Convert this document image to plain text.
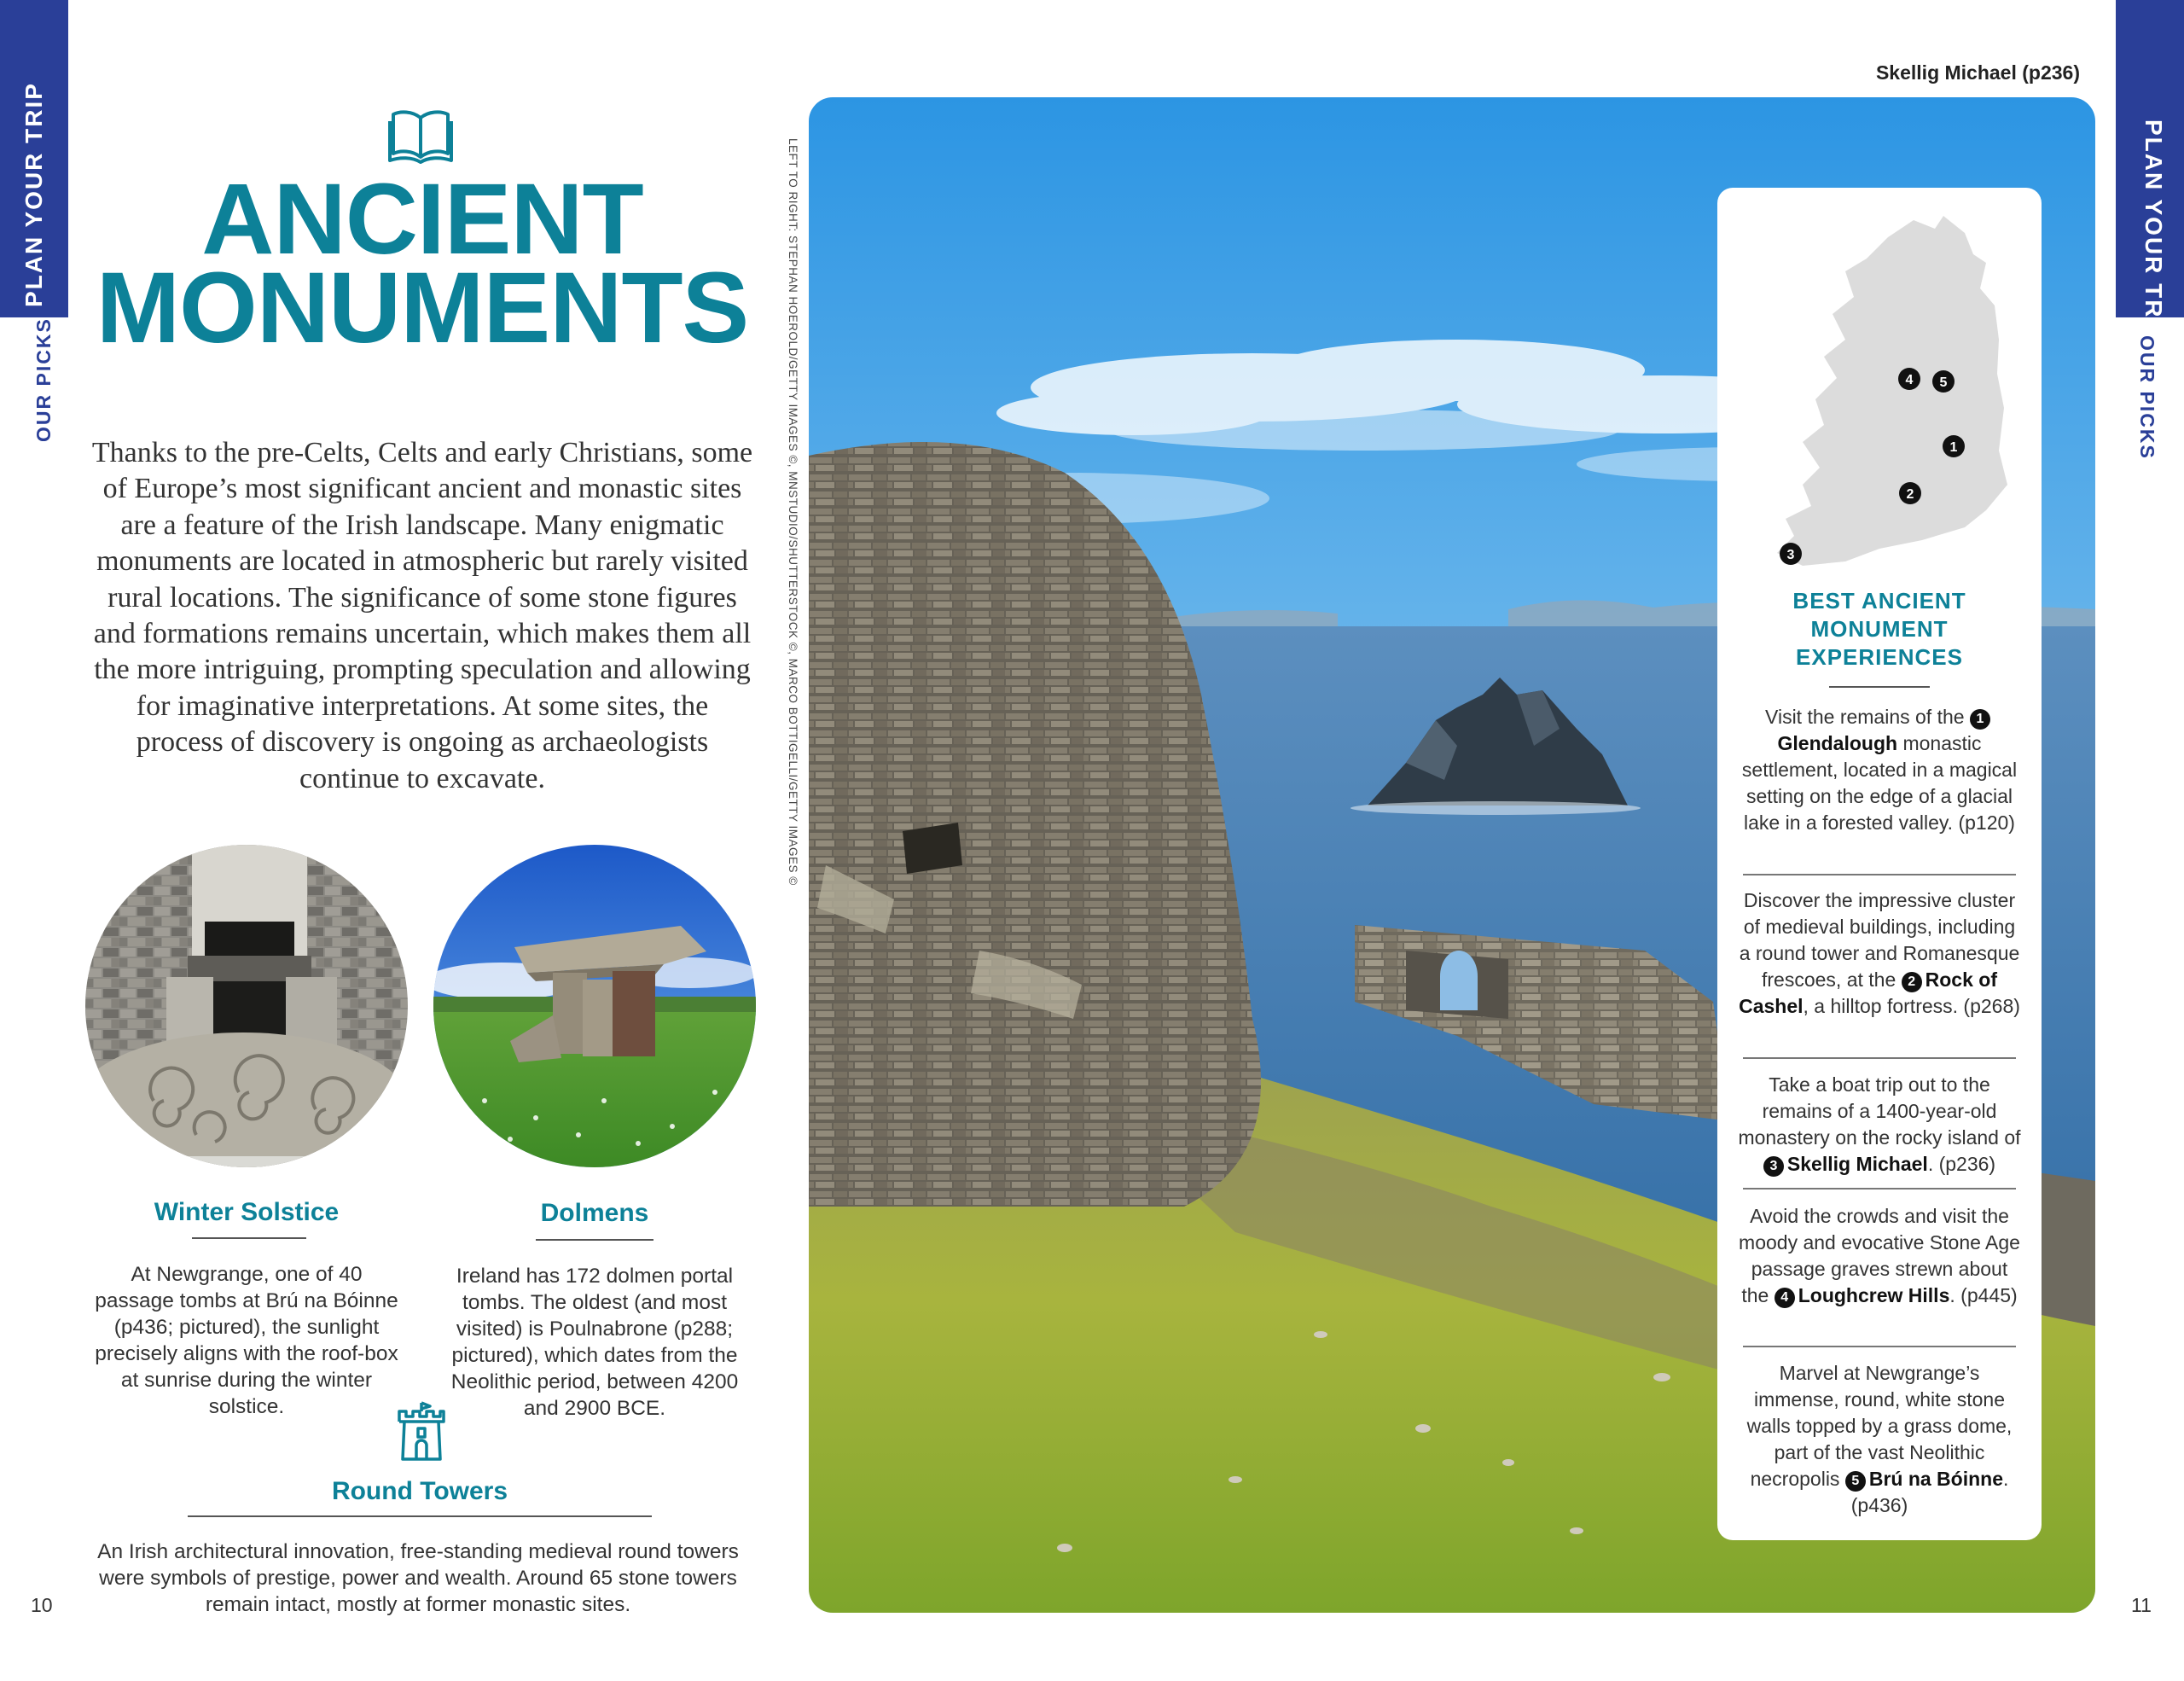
PLAN YOUR TRIP
OUR PICKS
PLAN YOUR TRIP
OUR PICKS
ANCIENT
MONUMENTS
Thanks to the pre-Celts, Celts and early Christians, some of Europe’s most significant ancient and monastic sites are a feature of the Irish landscape. Many enigmatic monuments are located in atmospheric but rarely visited rural locations. The significance of some stone figures and formations remains uncertain, which makes them all the more intriguing, prompting speculation and allowing for imaginative interpretations. At some sites, the process of discovery is ongoing as archaeologists continue to excavate.
Winter Solstice
At Newgrange, one of 40 passage tombs at Brú na Bóinne (p436; pictured), the sunlight precisely aligns with the roof-box at sunrise during the winter solstice.
Dolmens
Ireland has 172 dolmen portal tombs. The oldest (and most visited) is Poulnabrone (p288; pictured), which dates from the Neolithic period, between 4200 and 2900 BCE.
Round Towers
An Irish architectural innovation, free-standing medieval round towers were symbols of prestige, power and wealth. Around 65 stone towers remain intact, mostly at former monastic sites.
10
LEFT TO RIGHT: STEPHAN HOEROLD/GETTY IMAGES ©, MNSTUDIO/SHUTTERSTOCK ©, MARCO BOTTIGELLI/GETTY IMAGES ©
Skellig Michael (p236)
1
2
3
4 5
BEST ANCIENT
MONUMENT
EXPERIENCES
Visit the remains of the 1Glendalough monastic settlement, located in a magical setting on the edge of a glacial lake in a forested valley. (p120)
Discover the impressive cluster of medieval buildings, including a round tower and Romanesque frescoes, at the 2 Rock of Cashel, a hilltop fortress. (p268)
Take a boat trip out to the remains of a 1400-year-old monastery on the rocky island of 3 Skellig Michael. (p236)
Avoid the crowds and visit the moody and evocative Stone Age passage graves strewn about the 4 Loughcrew Hills. (p445)
Marvel at Newgrange’s immense, round, white stone walls topped by a grass dome, part of the vast Neolithic necropolis 5 Brú na Bóinne. (p436)
11
